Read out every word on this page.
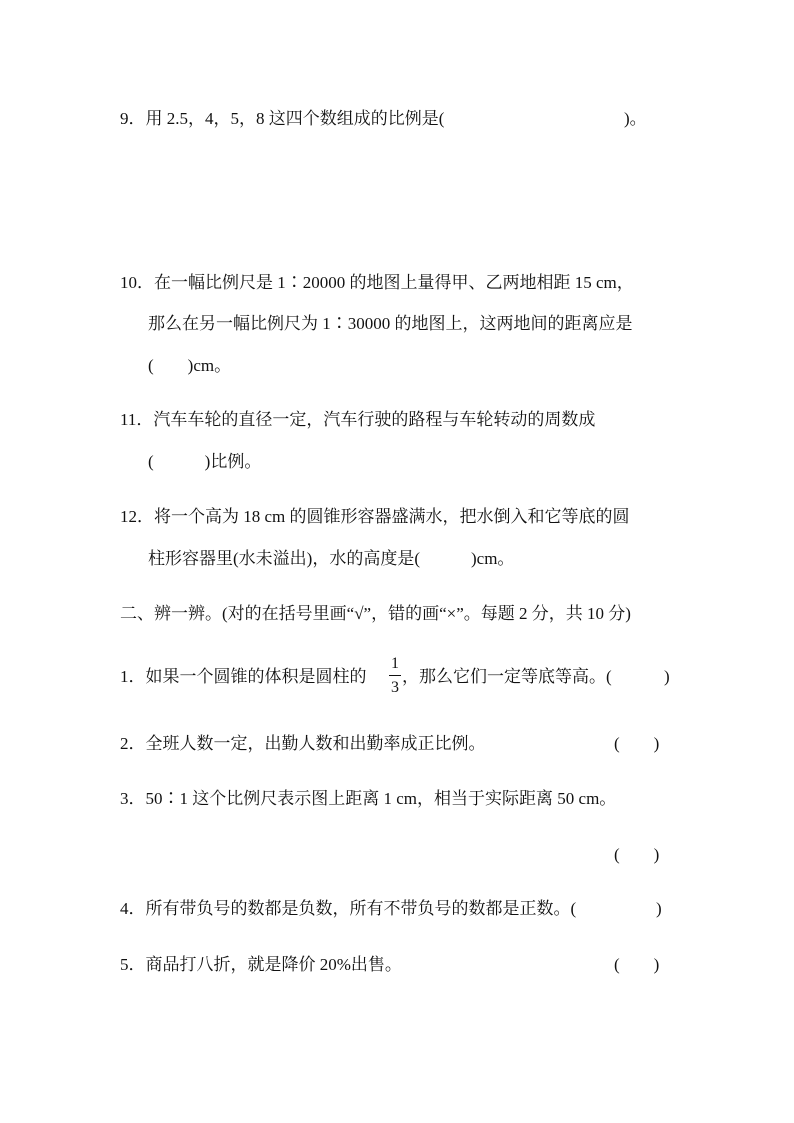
9．用 2.5，4，5，8 这四个数组成的比例是(	)。
10．在一幅比例尺是 1∶20000 的地图上量得甲、乙两地相距 15 cm，
那么在另一幅比例尺为 1∶30000 的地图上，这两地间的距离应是
(　　)cm。
11．汽车车轮的直径一定，汽车行驶的路程与车轮转动的周数成
(　　　)比例。
12．将一个高为 18 cm 的圆锥形容器盛满水，把水倒入和它等底的圆
柱形容器里(水未溢出)，水的高度是(　　　)cm。
二、辨一辨。(对的在括号里画“√”，错的画“×”。每题 2 分，共 10 分)
1．如果一个圆锥的体积是圆柱的
1
3
，那么它们一定等底等高。(	)
2．全班人数一定，出勤人数和出勤率成正比例。	(　　)
3．50∶1 这个比例尺表示图上距离 1 cm，相当于实际距离 50 cm。
(　　)
4．所有带负号的数都是负数，所有不带负号的数都是正数。(	)
5．商品打八折，就是降价 20%出售。	(　　)
